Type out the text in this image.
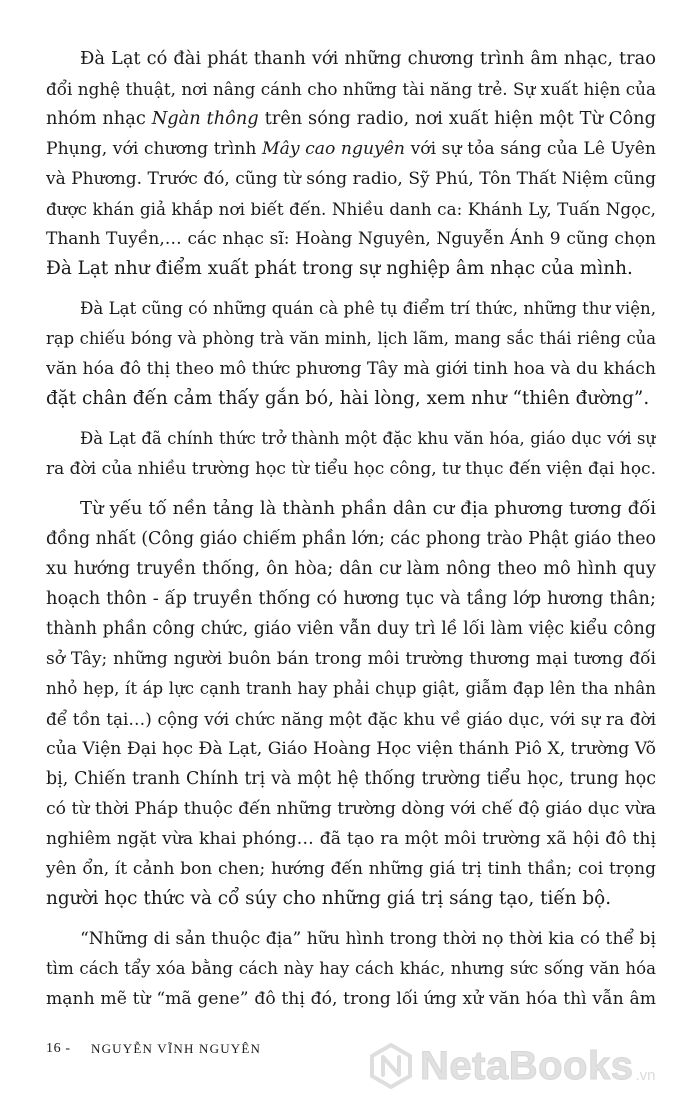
Đà Lạt có đài phát thanh với những chương trình âm nhạc, trao
đổi nghệ thuật, nơi nâng cánh cho những tài năng trẻ. Sự xuất hiện của
nhóm nhạc Ngàn thông trên sóng radio, nơi xuất hiện một Từ Công
Phụng, với chương trình Mây cao nguyên với sự tỏa sáng của Lê Uyên
và Phương. Trước đó, cũng từ sóng radio, Sỹ Phú, Tôn Thất Niệm cũng
được khán giả khắp nơi biết đến. Nhiều danh ca: Khánh Ly, Tuấn Ngọc,
Thanh Tuyền,… các nhạc sĩ: Hoàng Nguyên, Nguyễn Ánh 9 cũng chọn
Đà Lạt như điểm xuất phát trong sự nghiệp âm nhạc của mình.
Đà Lạt cũng có những quán cà phê tụ điểm trí thức, những thư viện,
rạp chiếu bóng và phòng trà văn minh, lịch lãm, mang sắc thái riêng của
văn hóa đô thị theo mô thức phương Tây mà giới tinh hoa và du khách
đặt chân đến cảm thấy gắn bó, hài lòng, xem như “thiên đường”.
Đà Lạt đã chính thức trở thành một đặc khu văn hóa, giáo dục với sự
ra đời của nhiều trường học từ tiểu học công, tư thục đến viện đại học.
Từ yếu tố nền tảng là thành phần dân cư địa phương tương đối
đồng nhất (Công giáo chiếm phần lớn; các phong trào Phật giáo theo
xu hướng truyền thống, ôn hòa; dân cư làm nông theo mô hình quy
hoạch thôn - ấp truyền thống có hương tục và tầng lớp hương thân;
thành phần công chức, giáo viên vẫn duy trì lề lối làm việc kiểu công
sở Tây; những người buôn bán trong môi trường thương mại tương đối
nhỏ hẹp, ít áp lực cạnh tranh hay phải chụp giật, giẫm đạp lên tha nhân
để tồn tại…) cộng với chức năng một đặc khu về giáo dục, với sự ra đời
của Viện Đại học Đà Lạt, Giáo Hoàng Học viện thánh Piô X, trường Võ
bị, Chiến tranh Chính trị và một hệ thống trường tiểu học, trung học
có từ thời Pháp thuộc đến những trường dòng với chế độ giáo dục vừa
nghiêm ngặt vừa khai phóng… đã tạo ra một môi trường xã hội đô thị
yên ổn, ít cảnh bon chen; hướng đến những giá trị tinh thần; coi trọng
người học thức và cổ súy cho những giá trị sáng tạo, tiến bộ.
“Những di sản thuộc địa” hữu hình trong thời nọ thời kia có thể bị
tìm cách tẩy xóa bằng cách này hay cách khác, nhưng sức sống văn hóa
mạnh mẽ từ “mã gene” đô thị đó, trong lối ứng xử văn hóa thì vẫn âm
16 - NGUYỄN VĨNH NGUYÊN	NetaBooks .vn
